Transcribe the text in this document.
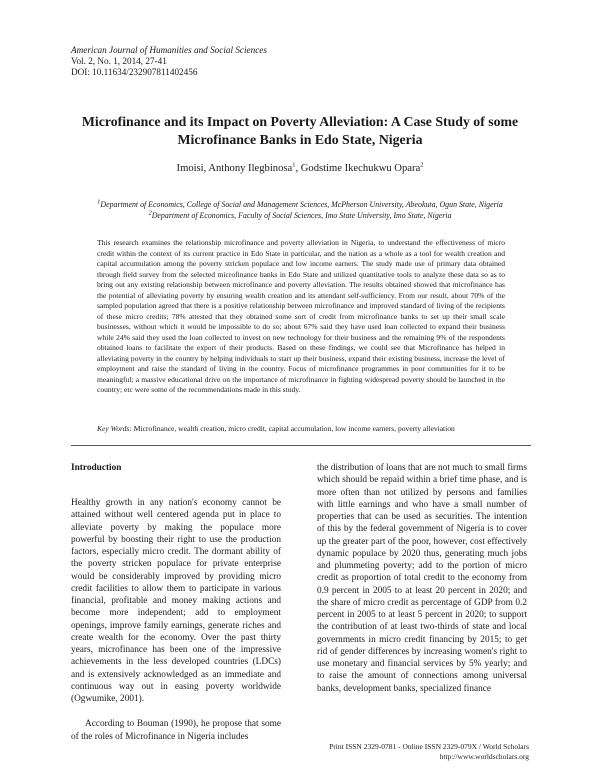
American Journal of Humanities and Social Sciences
Vol. 2, No. 1, 2014, 27-41
DOI: 10.11634/232907811402456
Microfinance and its Impact on Poverty Alleviation: A Case Study of some Microfinance Banks in Edo State, Nigeria
Imoisi, Anthony Ilegbinosa$^1$, Godstime Ikechukwu Opara$^2$
$^1$Department of Economics, College of Social and Management Sciences, McPherson University, Abeokuta, Ogun State, Nigeria
$^2$Department of Economics, Faculty of Social Sciences, Imo State University, Imo State, Nigeria

This research examines the relationship microfinance and poverty alleviation in Nigeria, to understand the effectiveness of micro credit within the context of its current practice in Edo State in particular, and the nation as a whole as a tool for wealth creation and capital accumulation among the poverty stricken populace and low income earners. The study made use of primary data obtained through field survey from the selected microfinance banks in Edo State and utilized quantitative tools to analyze these data so as to bring out any existing relationship between microfinance and poverty alleviation. The results obtained showed that microfinance has the potential of alleviating poverty by ensuring wealth creation and its attendant self-sufficiency. From our result, about 70% of the sampled population agreed that there is a positive relationship between microfinance and improved standard of living of the recipients of these micro credits; 78% attested that they obtained some sort of credit from microfinance banks to set up their small scale businesses, without which it would be impossible to do so; about 67% said they have used loan collected to expand their business while 24% said they used the loan collected to invest on new technology for their business and the remaining 9% of the respondents obtained loans to facilitate the export of their products. Based on these findings, we could see that Microfinance has helped in alleviating poverty in the country by helping individuals to start up their business, expand their existing business, increase the level of employment and raise the standard of living in the country. Focus of microfinance programmes in poor communities for it to be meaningful; a massive educational drive on the importance of microfinance in fighting widespread poverty should be launched in the country; etc were some of the recommendations made in this study.

Key Words: Microfinance, wealth creation, micro credit, capital accumulation, low income earners, poverty alleviation
Introduction

Healthy growth in any nation's economy cannot be attained without well centered agenda put in place to alleviate poverty by making the populace more powerful by boosting their right to use the production factors, especially micro credit. The dormant ability of the poverty stricken populace for private enterprise would be considerably improved by providing micro credit facilities to allow them to participate in various financial, profitable and money making actions and become more independent; add to employment openings, improve family earnings, generate riches and create wealth for the economy. Over the past thirty years, microfinance has been one of the impressive achievements in the less developed countries (LDCs) and is extensively acknowledged as an immediate and continuous way out in easing poverty worldwide (Ogwumike, 2001).

According to Bouman (1990), he propose that some of the roles of Microfinance in Nigeria includes

the distribution of loans that are not much to small firms which should be repaid within a brief time phase, and is more often than not utilized by persons and families with little earnings and who have a small number of properties that can be used as securities. The intention of this by the federal government of Nigeria is to cover up the greater part of the poor, however, cost effectively dynamic populace by 2020 thus, generating much jobs and plummeting poverty; add to the portion of micro credit as proportion of total credit to the economy from 0.9 percent in 2005 to at least 20 percent in 2020; and the share of micro credit as percentage of GDP from 0.2 percent in 2005 to at least 5 percent in 2020; to support the contribution of at least two-thirds of state and local governments in micro credit financing by 2015; to get rid of gender differences by increasing women's right to use monetary and financial services by 5% yearly; and to raise the amount of connections among universal banks, development banks, specialized finance

Print ISSN 2329-0781 - Online ISSN 2329-079X / World Scholars
http://www.worldscholars.org
